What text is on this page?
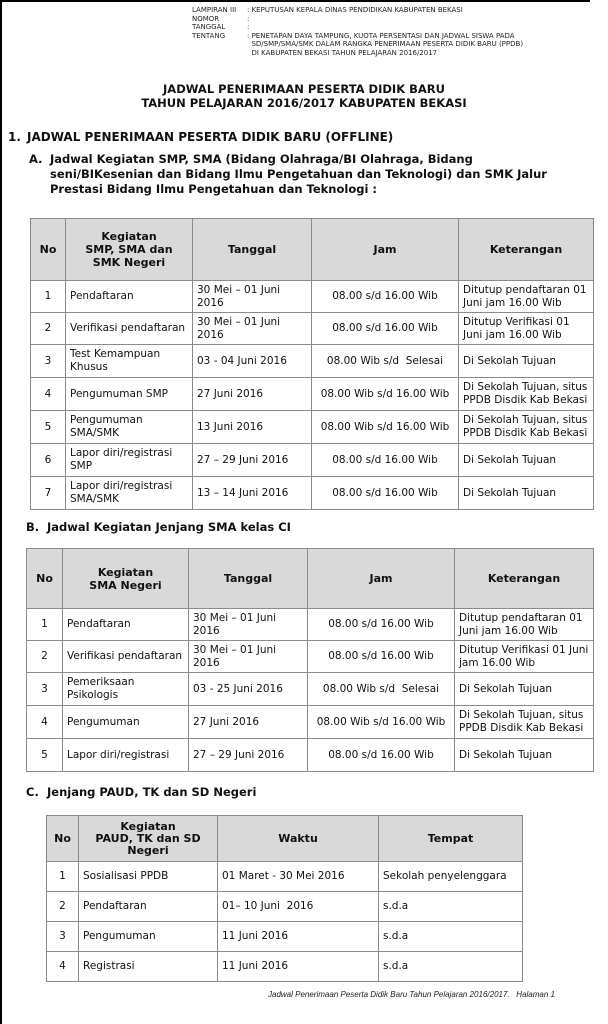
LAMPIRAN III	: KEPUTUSAN KEPALA DINAS PENDIDIKAN KABUPATEN BEKASI
NOMOR	:
TANGGAL	:
TENTANG	: PENETAPAN DAYA TAMPUNG, KUOTA PERSENTASI DAN JADWAL SISWA PADA
SD/SMP/SMA/SMK DALAM RANGKA PENERIMAAN PESERTA DIDIK BARU (PPDB)
DI KABUPATEN BEKASI TAHUN PELAJARAN 2016/2017
JADWAL PENERIMAAN PESERTA DIDIK BARU
TAHUN PELAJARAN 2016/2017 KABUPATEN BEKASI
1. JADWAL PENERIMAAN PESERTA DIDIK BARU (OFFLINE)
A. Jadwal Kegiatan SMP, SMA (Bidang Olahraga/BI Olahraga, Bidang
seni/BIKesenian dan Bidang Ilmu Pengetahuan dan Teknologi) dan SMK Jalur
Prestasi Bidang Ilmu Pengetahuan dan Teknologi :
No	Kegiatan
SMP, SMA dan
SMK Negeri	Tanggal	Jam	Keterangan
1	Pendaftaran	30 Mei – 01 Juni 2016	08.00 s/d 16.00 Wib	Ditutup pendaftaran 01 Juni jam 16.00 Wib
2	Verifikasi pendaftaran	30 Mei – 01 Juni 2016	08.00 s/d 16.00 Wib	Ditutup Verifikasi 01 Juni jam 16.00 Wib
3	Test Kemampuan Khusus	03 - 04 Juni 2016	08.00 Wib s/d  Selesai	Di Sekolah Tujuan
4	Pengumuman SMP	27 Juni 2016	08.00 Wib s/d 16.00 Wib	Di Sekolah Tujuan, situs PPDB Disdik Kab Bekasi
5	Pengumuman SMA/SMK	13 Juni 2016	08.00 Wib s/d 16.00 Wib	Di Sekolah Tujuan, situs PPDB Disdik Kab Bekasi
6	Lapor diri/registrasi SMP	27 – 29 Juni 2016	08.00 s/d 16.00 Wib	Di Sekolah Tujuan
7	Lapor diri/registrasi SMA/SMK	13 – 14 Juni 2016	08.00 s/d 16.00 Wib	Di Sekolah Tujuan
B. Jadwal Kegiatan Jenjang SMA kelas CI
No	Kegiatan
SMA Negeri	Tanggal	Jam	Keterangan
1	Pendaftaran	30 Mei – 01 Juni 2016	08.00 s/d 16.00 Wib	Ditutup pendaftaran 01 Juni jam 16.00 Wib
2	Verifikasi pendaftaran	30 Mei – 01 Juni 2016	08.00 s/d 16.00 Wib	Ditutup Verifikasi 01 Juni jam 16.00 Wib
3	Pemeriksaan Psikologis	03 - 25 Juni 2016	08.00 Wib s/d  Selesai	Di Sekolah Tujuan
4	Pengumuman	27 Juni 2016	08.00 Wib s/d 16.00 Wib	Di Sekolah Tujuan, situs PPDB Disdik Kab Bekasi
5	Lapor diri/registrasi	27 – 29 Juni 2016	08.00 s/d 16.00 Wib	Di Sekolah Tujuan
C. Jenjang PAUD, TK dan SD Negeri
No	Kegiatan
PAUD, TK dan SD
Negeri	Waktu	Tempat
1	Sosialisasi PPDB	01 Maret - 30 Mei 2016	Sekolah penyelenggara
2	Pendaftaran	01– 10 Juni  2016	s.d.a
3	Pengumuman	11 Juni 2016	s.d.a
4	Registrasi	11 Juni 2016	s.d.a
Jadwal Penerimaan Peserta Didik Baru Tahun Pelajaran 2016/2017.   Halaman 1
